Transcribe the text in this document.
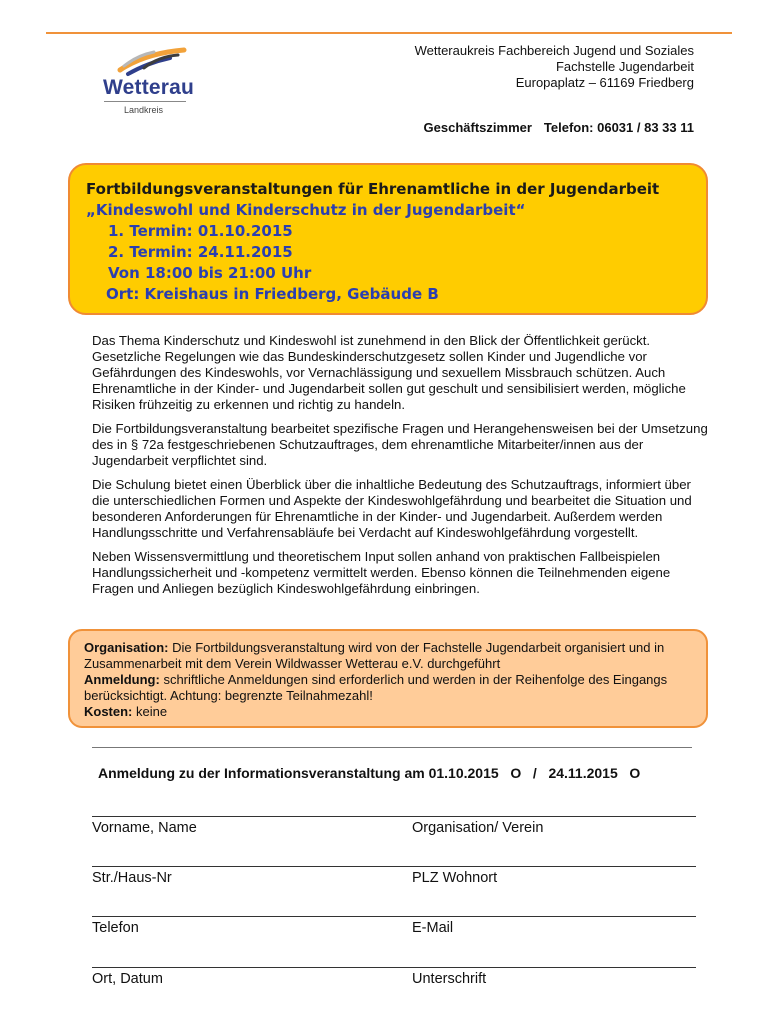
Wetterau
Landkreis
Wetteraukreis Fachbereich Jugend und Soziales
Fachstelle Jugendarbeit
Europaplatz – 61169 Friedberg
Geschäftszimmer Telefon: 06031 / 83 33 11
Fortbildungsveranstaltungen für Ehrenamtliche in der Jugendarbeit
„Kindeswohl und Kinderschutz in der Jugendarbeit“
1. Termin: 01.10.2015
2. Termin: 24.11.2015
Von 18:00 bis 21:00 Uhr
Ort: Kreishaus in Friedberg, Gebäude B

Das Thema Kinderschutz und Kindeswohl ist zunehmend in den Blick der Öffentlichkeit gerückt. Gesetzliche Regelungen wie das Bundeskinderschutzgesetz sollen Kinder und Jugendliche vor Gefährdungen des Kindeswohls, vor Vernachlässigung und sexuellem Missbrauch schützen. Auch Ehrenamtliche in der Kinder- und Jugendarbeit sollen gut geschult und sensibilisiert werden, mögliche Risiken frühzeitig zu erkennen und richtig zu handeln.

Die Fortbildungsveranstaltung bearbeitet spezifische Fragen und Herangehensweisen bei der Umsetzung des in § 72a festgeschriebenen Schutzauftrages, dem ehrenamtliche Mitarbeiter/innen aus der Jugendarbeit verpflichtet sind.

Die Schulung bietet einen Überblick über die inhaltliche Bedeutung des Schutzauftrags, informiert über die unterschiedlichen Formen und Aspekte der Kindeswohlgefährdung und bearbeitet die Situation und besonderen Anforderungen für Ehrenamtliche in der Kinder- und Jugendarbeit. Außerdem werden Handlungsschritte und Verfahrensabläufe bei Verdacht auf Kindeswohlgefährdung vorgestellt.

Neben Wissensvermittlung und theoretischem Input sollen anhand von praktischen Fallbeispielen Handlungssicherheit und -kompetenz vermittelt werden. Ebenso können die Teilnehmenden eigene Fragen und Anliegen bezüglich Kindeswohlgefährdung einbringen.

Organisation: Die Fortbildungsveranstaltung wird von der Fachstelle Jugendarbeit organisiert und in Zusammenarbeit mit dem Verein Wildwasser Wetterau e.V. durchgeführt
Anmeldung: schriftliche Anmeldungen sind erforderlich und werden in der Reihenfolge des Eingangs berücksichtigt. Achtung: begrenzte Teilnahmezahl!
Kosten: keine
Anmeldung zu der Informationsveranstaltung am 01.10.2015   O   /   24.11.2015   O
Vorname, Name	Organisation/ Verein
Str./Haus-Nr	PLZ Wohnort
Telefon	E-Mail
Ort, Datum	Unterschrift
